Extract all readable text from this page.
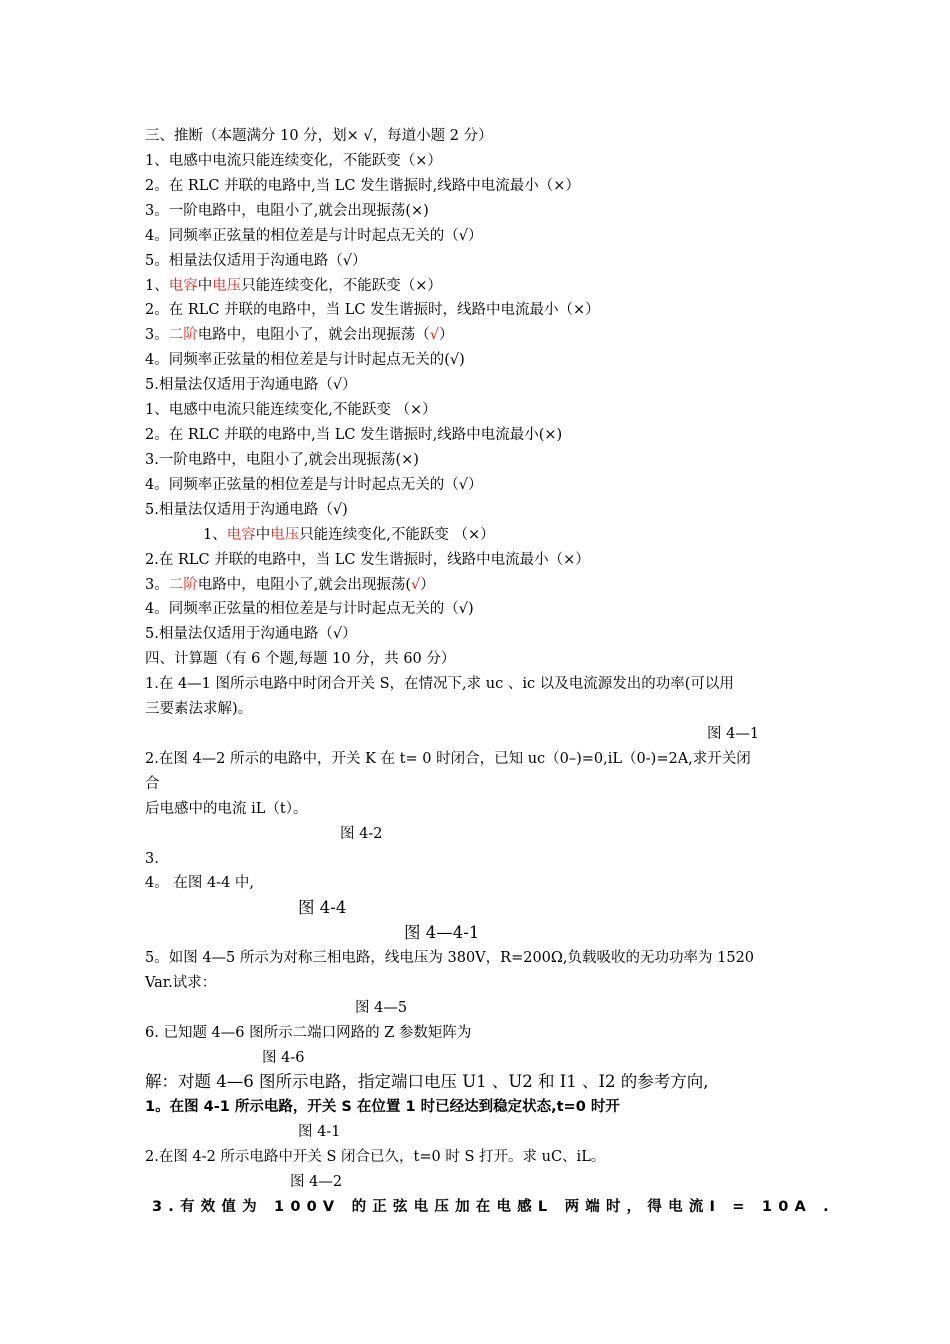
三、推断（本题满分 10 分，划× √，每道小题 2 分）
1、电感中电流只能连续变化，不能跃变（×）
2。在 RLC 并联的电路中,当 LC 发生谐振时,线路中电流最小（×）
3。一阶电路中，电阻小了,就会出现振荡(×)
4。同频率正弦量的相位差是与计时起点无关的（√）
5。相量法仅适用于沟通电路（√）
1、电容中电压只能连续变化，不能跃变（×）
2。在 RLC 并联的电路中，当 LC 发生谐振时，线路中电流最小（×）
3。二阶电路中，电阻小了，就会出现振荡（√）
4。同频率正弦量的相位差是与计时起点无关的(√)
5.相量法仅适用于沟通电路（√）
1、电感中电流只能连续变化,不能跃变 （×）
2。在 RLC 并联的电路中,当 LC 发生谐振时,线路中电流最小(×)
3.一阶电路中，电阻小了,就会出现振荡(×)
4。同频率正弦量的相位差是与计时起点无关的（√）
5.相量法仅适用于沟通电路（√)
1、电容中电压只能连续变化,不能跃变 （×）
2.在 RLC 并联的电路中，当 LC 发生谐振时，线路中电流最小（×）
3。二阶电路中，电阻小了,就会出现振荡(√）
4。同频率正弦量的相位差是与计时起点无关的（√)
5.相量法仅适用于沟通电路（√）
四、计算题（有 6 个题,每题 10 分，共 60 分）
1.在 4—1 图所示电路中时闭合开关 S，在情况下,求 uc 、ic 以及电流源发出的功率(可以用
三要素法求解)。
图 4—1
2.在图 4—2 所示的电路中，开关 K 在 t= 0 时闭合，已知 uc（0–)=0,iL（0-)=2A,求开关闭
合
后电感中的电流 iL（t）。
图 4-2
3.
4。 在图 4-4 中,
图 4-4
图 4—4-1
5。如图 4—5 所示为对称三相电路，线电压为 380V，R=200Ω,负载吸收的无功功率为 1520
Var.试求：
图 4—5
6. 已知题 4—6 图所示二端口网路的 Z 参数矩阵为
图 4-6
解：对题 4—6 图所示电路，指定端口电压 U1 、U2 和 I1 、I2 的参考方向,
1。在图 4-1 所示电路，开关 S 在位置 1 时已经达到稳定状态,t=0 时开
图 4-1
2.在图 4-2 所示电路中开关 S 闭合已久，t=0 时 S 打开。求 uC、iL。
图 4—2
3.有效值为 100V 的正弦电压加在电感L 两端时，得电流I = 10A .
